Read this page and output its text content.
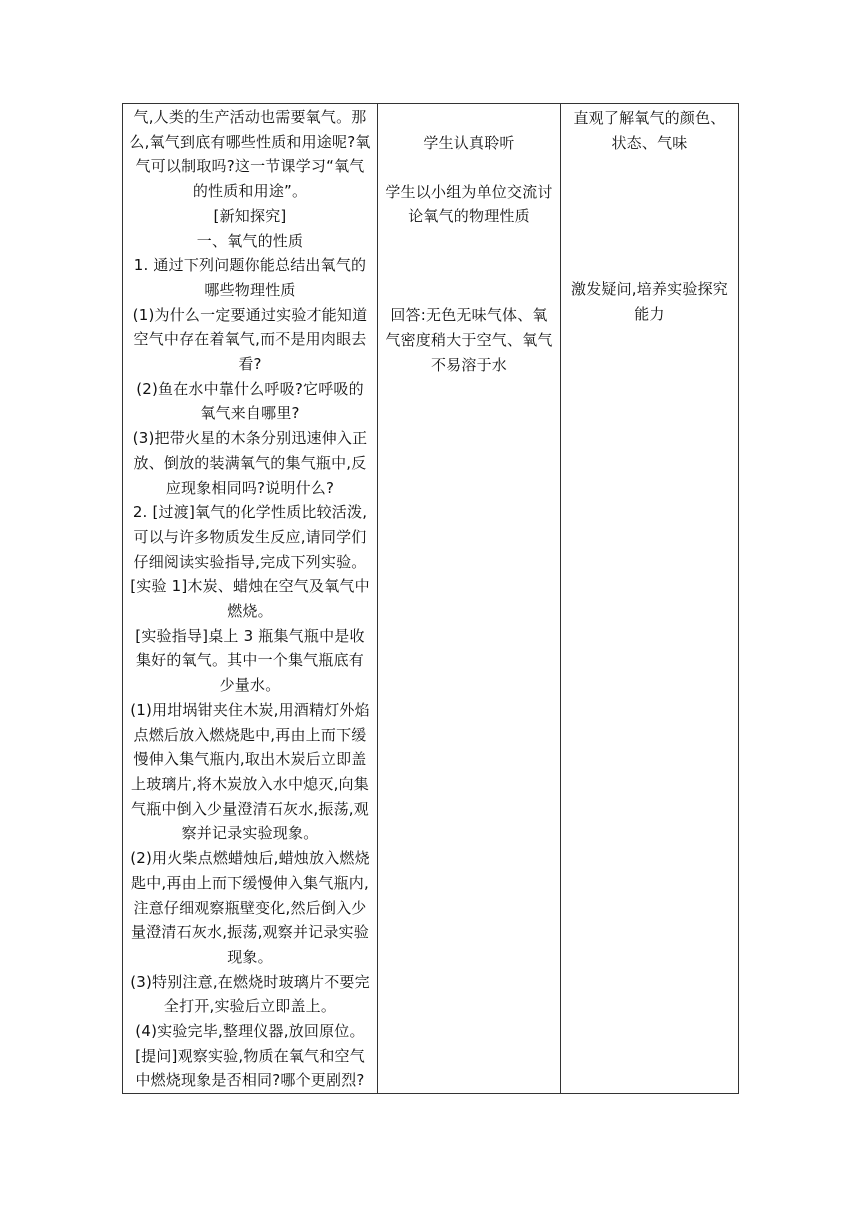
气,人类的生产活动也需要氧气。那么,氧气到底有哪些性质和用途呢?氧气可以制取吗?这一节课学习“氧气的性质和用途”。
[新知探究]
一、氧气的性质
1. 通过下列问题你能总结出氧气的哪些物理性质
(1)为什么一定要通过实验才能知道空气中存在着氧气,而不是用肉眼去看?
(2)鱼在水中靠什么呼吸?它呼吸的氧气来自哪里?
(3)把带火星的木条分别迅速伸入正放、倒放的装满氧气的集气瓶中,反应现象相同吗?说明什么?
2. [过渡]氧气的化学性质比较活泼,可以与许多物质发生反应,请同学们仔细阅读实验指导,完成下列实验。
[实验 1]木炭、蜡烛在空气及氧气中燃烧。
[实验指导]桌上 3 瓶集气瓶中是收集好的氧气。其中一个集气瓶底有少量水。
(1)用坩埚钳夹住木炭,用酒精灯外焰点燃后放入燃烧匙中,再由上而下缓慢伸入集气瓶内,取出木炭后立即盖上玻璃片,将木炭放入水中熄灭,向集气瓶中倒入少量澄清石灰水,振荡,观察并记录实验现象。
(2)用火柴点燃蜡烛后,蜡烛放入燃烧匙中,再由上而下缓慢伸入集气瓶内,注意仔细观察瓶壁变化,然后倒入少量澄清石灰水,振荡,观察并记录实验现象。
(3)特别注意,在燃烧时玻璃片不要完全打开,实验后立即盖上。
(4)实验完毕,整理仪器,放回原位。
[提问]观察实验,物质在氧气和空气中燃烧现象是否相同?哪个更剧烈?

学生认真聆听
学生以小组为单位交流讨论氧气的物理性质
回答:无色无味气体、氧气密度稍大于空气、氧气不易溶于水

直观了解氧气的颜色、状态、气味
激发疑问,培养实验探究能力
